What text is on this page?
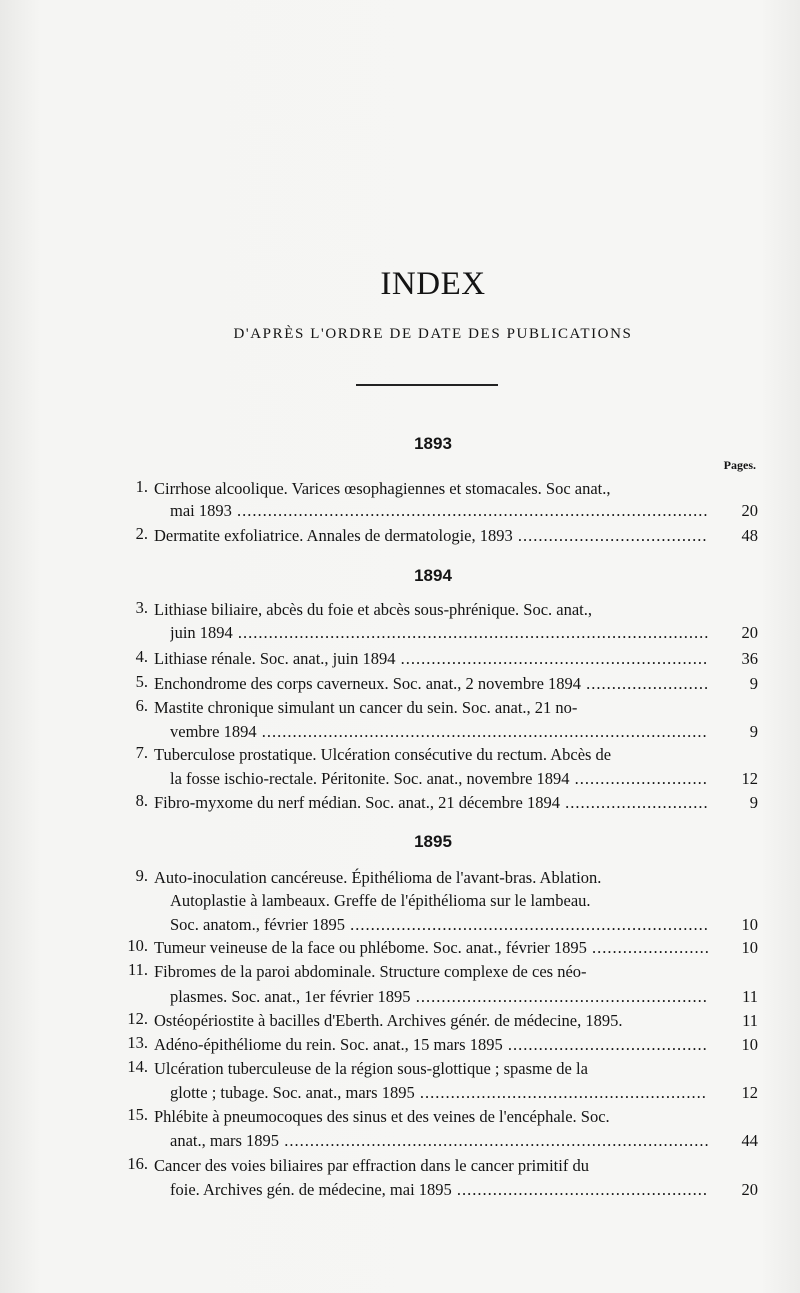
INDEX
D'APRÈS L'ORDRE DE DATE DES PUBLICATIONS
1893
Pages.
1. Cirrhose alcoolique. Varices œsophagiennes et stomacales. Soc anat.,
mai 1893 .....	20
2. Dermatite exfoliatrice. Annales de dermatologie, 1893 .....	48
1894
3. Lithiase biliaire, abcès du foie et abcès sous-phrénique. Soc. anat.,
juin 1894 .....	20
4. Lithiase rénale. Soc. anat., juin 1894 .....	36
5. Enchondrome des corps caverneux. Soc. anat., 2 novembre 1894 .....	9
6. Mastite chronique simulant un cancer du sein. Soc. anat., 21 no-
vembre 1894 .....	9
7. Tuberculose prostatique. Ulcération consécutive du rectum. Abcès de
la fosse ischio-rectale. Péritonite. Soc. anat., novembre 1894 .....	12
8. Fibro-myxome du nerf médian. Soc. anat., 21 décembre 1894 .....	9
1895
9. Auto-inoculation cancéreuse. Épithélioma de l'avant-bras. Ablation.
Autoplastie à lambeaux. Greffe de l'épithélioma sur le lambeau.
Soc. anatom., février 1895 .....	10
10. Tumeur veineuse de la face ou phlébome. Soc. anat., février 1895 .....	10
11. Fibromes de la paroi abdominale. Structure complexe de ces néo-
plasmes. Soc. anat., 1er février 1895 .....	11
12. Ostéopériostite à bacilles d'Eberth. Archives génér. de médecine, 1895.	11
13. Adéno-épithéliome du rein. Soc. anat., 15 mars 1895 .....	10
14. Ulcération tuberculeuse de la région sous-glottique ; spasme de la
glotte ; tubage. Soc. anat., mars 1895 .....	12
15. Phlébite à pneumocoques des sinus et des veines de l'encéphale. Soc.
anat., mars 1895 .....	44
16. Cancer des voies biliaires par effraction dans le cancer primitif du
foie. Archives gén. de médecine, mai 1895 .....	20
